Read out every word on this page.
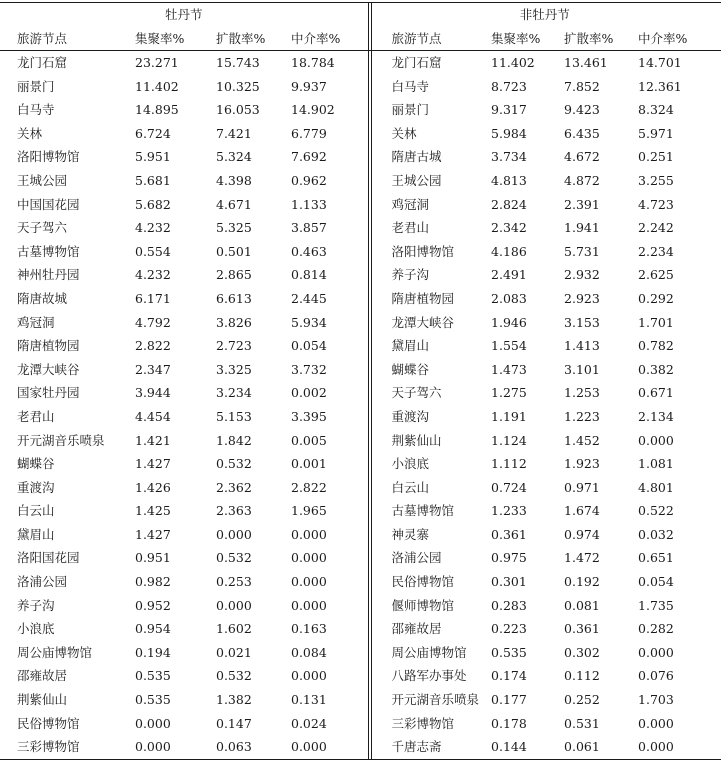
牡丹节				非牡丹节			
旅游节点	集聚率%	扩散率%	中介率%	旅游节点	集聚率%	扩散率%	中介率%
龙门石窟	23.271	15.743	18.784	龙门石窟	11.402	13.461	14.701
丽景门	11.402	10.325	9.937	白马寺	8.723	7.852	12.361
白马寺	14.895	16.053	14.902	丽景门	9.317	9.423	8.324
关林	6.724	7.421	6.779	关林	5.984	6.435	5.971
洛阳博物馆	5.951	5.324	7.692	隋唐古城	3.734	4.672	0.251
王城公园	5.681	4.398	0.962	王城公园	4.813	4.872	3.255
中国国花园	5.682	4.671	1.133	鸡冠洞	2.824	2.391	4.723
天子驾六	4.232	5.325	3.857	老君山	2.342	1.941	2.242
古墓博物馆	0.554	0.501	0.463	洛阳博物馆	4.186	5.731	2.234
神州牡丹园	4.232	2.865	0.814	养子沟	2.491	2.932	2.625
隋唐故城	6.171	6.613	2.445	隋唐植物园	2.083	2.923	0.292
鸡冠洞	4.792	3.826	5.934	龙潭大峡谷	1.946	3.153	1.701
隋唐植物园	2.822	2.723	0.054	黛眉山	1.554	1.413	0.782
龙潭大峡谷	2.347	3.325	3.732	蝴蝶谷	1.473	3.101	0.382
国家牡丹园	3.944	3.234	0.002	天子驾六	1.275	1.253	0.671
老君山	4.454	5.153	3.395	重渡沟	1.191	1.223	2.134
开元湖音乐喷泉	1.421	1.842	0.005	荆紫仙山	1.124	1.452	0.000
蝴蝶谷	1.427	0.532	0.001	小浪底	1.112	1.923	1.081
重渡沟	1.426	2.362	2.822	白云山	0.724	0.971	4.801
白云山	1.425	2.363	1.965	古墓博物馆	1.233	1.674	0.522
黛眉山	1.427	0.000	0.000	神灵寨	0.361	0.974	0.032
洛阳国花园	0.951	0.532	0.000	洛浦公园	0.975	1.472	0.651
洛浦公园	0.982	0.253	0.000	民俗博物馆	0.301	0.192	0.054
养子沟	0.952	0.000	0.000	偃师博物馆	0.283	0.081	1.735
小浪底	0.954	1.602	0.163	邵雍故居	0.223	0.361	0.282
周公庙博物馆	0.194	0.021	0.084	周公庙博物馆	0.535	0.302	0.000
邵雍故居	0.535	0.532	0.000	八路军办事处	0.174	0.112	0.076
荆紫仙山	0.535	1.382	0.131	开元湖音乐喷泉	0.177	0.252	1.703
民俗博物馆	0.000	0.147	0.024	三彩博物馆	0.178	0.531	0.000
三彩博物馆	0.000	0.063	0.000	千唐志斋	0.144	0.061	0.000
